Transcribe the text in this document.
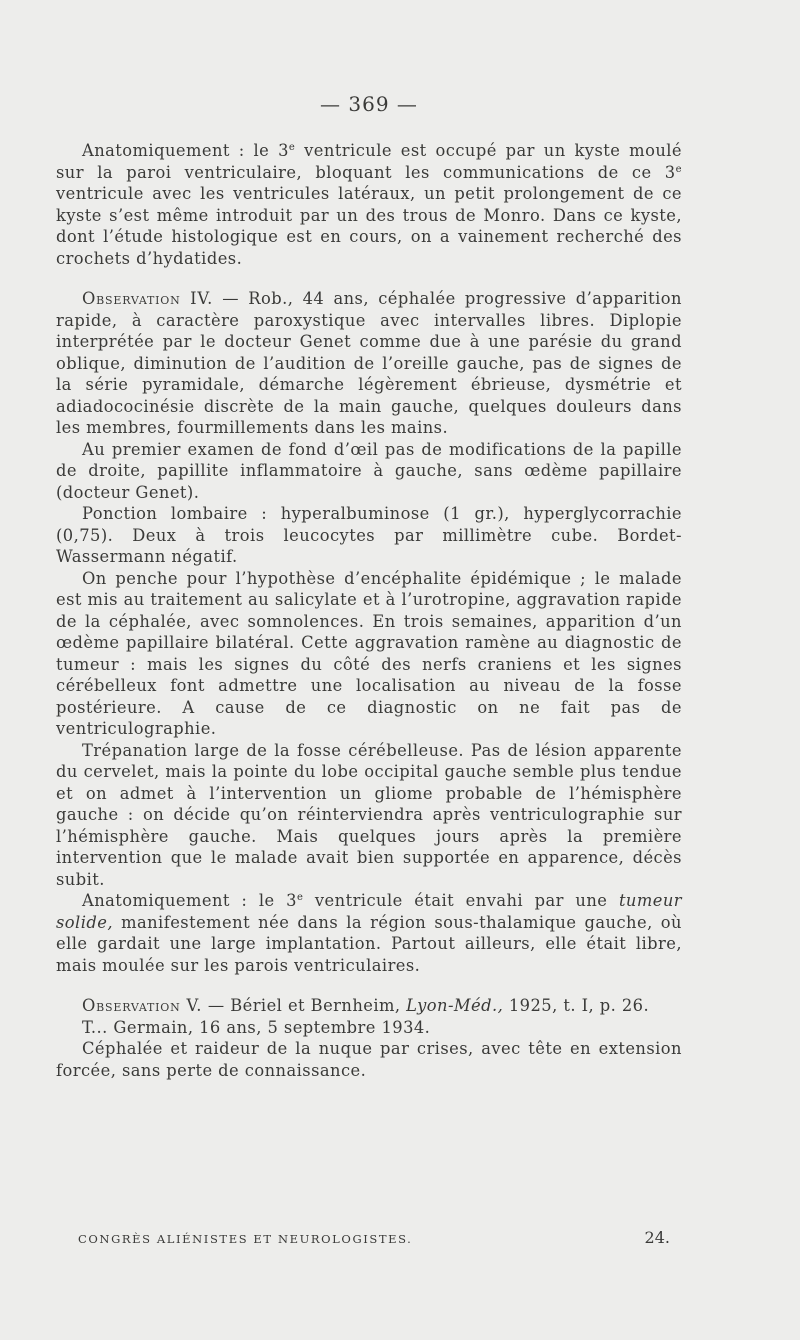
— 369 —

Anatomiquement : le 3e ventricule est occupé par un kyste moulé sur la paroi ventriculaire, bloquant les communications de ce 3e ventricule avec les ventricules latéraux, un petit prolongement de ce kyste s’est même introduit par un des trous de Monro. Dans ce kyste, dont l’étude histologique est en cours, on a vainement recherché des crochets d’hydatides.

Observation IV. — Rob., 44 ans, céphalée progressive d’apparition rapide, à caractère paroxystique avec intervalles libres. Diplopie interprétée par le docteur Genet comme due à une parésie du grand oblique, diminution de l’audition de l’oreille gauche, pas de signes de la série pyramidale, démarche légèrement ébrieuse, dysmétrie et adiadococinésie discrète de la main gauche, quelques douleurs dans les membres, fourmillements dans les mains.

Au premier examen de fond d’œil pas de modifications de la papille de droite, papillite inflammatoire à gauche, sans œdème papillaire (docteur Genet).

Ponction lombaire : hyperalbuminose (1 gr.), hyperglycorrachie (0,75). Deux à trois leucocytes par millimètre cube. Bordet-Wassermann négatif.

On penche pour l’hypothèse d’encéphalite épidémique ; le malade est mis au traitement au salicylate et à l’urotropine, aggravation rapide de la céphalée, avec somnolences. En trois semaines, apparition d’un œdème papillaire bilatéral. Cette aggravation ramène au diagnostic de tumeur : mais les signes du côté des nerfs craniens et les signes cérébelleux font admettre une localisation au niveau de la fosse postérieure. A cause de ce diagnostic on ne fait pas de ventriculographie.

Trépanation large de la fosse cérébelleuse. Pas de lésion apparente du cervelet, mais la pointe du lobe occipital gauche semble plus tendue et on admet à l’intervention un gliome probable de l’hémisphère gauche : on décide qu’on réinterviendra après ventriculographie sur l’hémisphère gauche. Mais quelques jours après la première intervention que le malade avait bien supportée en apparence, décès subit.

Anatomiquement : le 3e ventricule était envahi par une tumeur solide, manifestement née dans la région sous-thalamique gauche, où elle gardait une large implantation. Partout ailleurs, elle était libre, mais moulée sur les parois ventriculaires.

Observation V. — Bériel et Bernheim, Lyon-Méd., 1925, t. I, p. 26.

T... Germain, 16 ans, 5 septembre 1934.

Céphalée et raideur de la nuque par crises, avec tête en extension forcée, sans perte de connaissance.

CONGRÈS ALIÉNISTES ET NEUROLOGISTES.	24.
